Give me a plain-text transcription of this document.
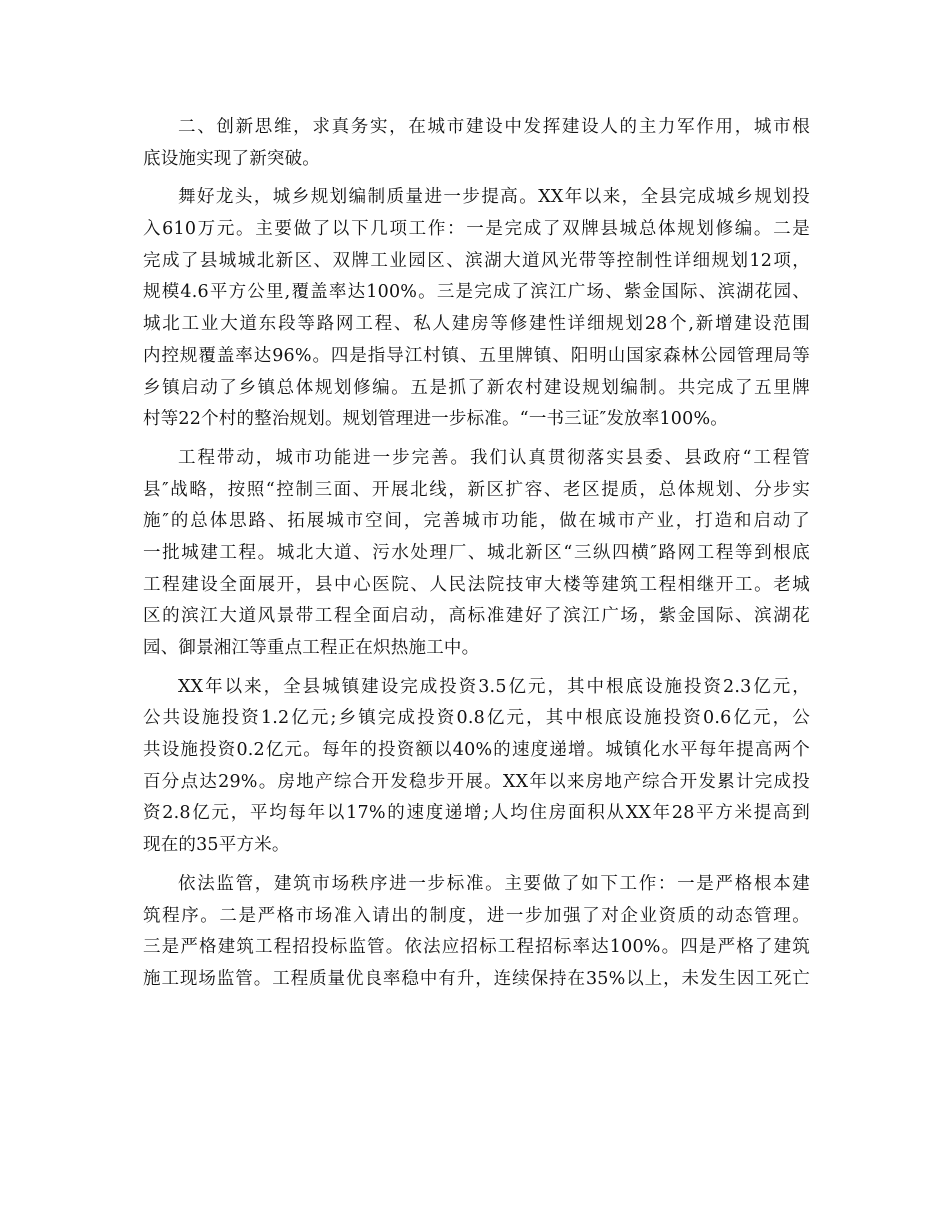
二、创新思维，求真务实，在城市建设中发挥建设人的主力军作用，城市根
底设施实现了新突破。
舞好龙头，城乡规划编制质量进一步提高。XX年以来，全县完成城乡规划投
入610万元。主要做了以下几项工作：一是完成了双牌县城总体规划修编。二是
完成了县城城北新区、双牌工业园区、滨湖大道风光带等控制性详细规划12项，
规模4.6平方公里,覆盖率达100%。三是完成了滨江广场、紫金国际、滨湖花园、
城北工业大道东段等路网工程、私人建房等修建性详细规划28个,新增建设范围
内控规覆盖率达96%。四是指导江村镇、五里牌镇、阳明山国家森林公园管理局等
乡镇启动了乡镇总体规划修编。五是抓了新农村建设规划编制。共完成了五里牌
村等22个村的整治规划。规划管理进一步标准。“一书三证″发放率100%。
工程带动，城市功能进一步完善。我们认真贯彻落实县委、县政府“工程管
县″战略，按照“控制三面、开展北线，新区扩容、老区提质，总体规划、分步实
施″的总体思路、拓展城市空间，完善城市功能，做在城市产业，打造和启动了
一批城建工程。城北大道、污水处理厂、城北新区“三纵四横″路网工程等到根底
工程建设全面展开，县中心医院、人民法院技审大楼等建筑工程相继开工。老城
区的滨江大道风景带工程全面启动，高标准建好了滨江广场，紫金国际、滨湖花
园、御景湘江等重点工程正在炽热施工中。
XX年以来，全县城镇建设完成投资3.5亿元，其中根底设施投资2.3亿元，
公共设施投资1.2亿元;乡镇完成投资0.8亿元，其中根底设施投资0.6亿元，公
共设施投资0.2亿元。每年的投资额以40%的速度递增。城镇化水平每年提高两个
百分点达29%。房地产综合开发稳步开展。XX年以来房地产综合开发累计完成投
资2.8亿元，平均每年以17%的速度递增;人均住房面积从XX年28平方米提高到
现在的35平方米。
依法监管，建筑市场秩序进一步标准。主要做了如下工作：一是严格根本建
筑程序。二是严格市场准入请出的制度，进一步加强了对企业资质的动态管理。
三是严格建筑工程招投标监管。依法应招标工程招标率达100%。四是严格了建筑
施工现场监管。工程质量优良率稳中有升，连续保持在35%以上，未发生因工死亡
